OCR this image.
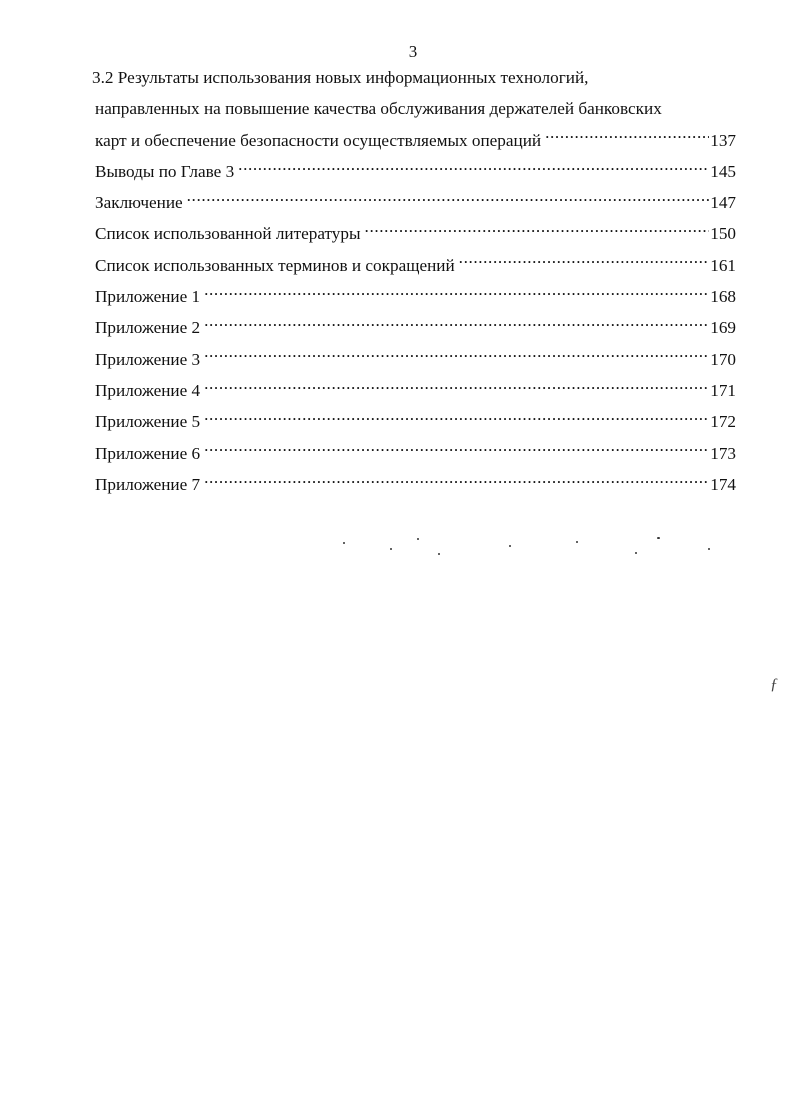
3
3.2 Результаты использования новых информационных технологий,
направленных на повышение качества обслуживания держателей банковских
карт и обеспечение безопасности осуществляемых операций .....	137
Выводы по Главе 3 .....	145
Заключение .....	147
Список использованной литературы .....	150
Список использованных терминов и сокращений .....	161
Приложение 1 .....	168
Приложение 2 .....	169
Приложение 3 .....	170
Приложение 4 .....	171
Приложение 5 .....	172
Приложение 6 .....	173
Приложение 7 .....	174
ƒ
